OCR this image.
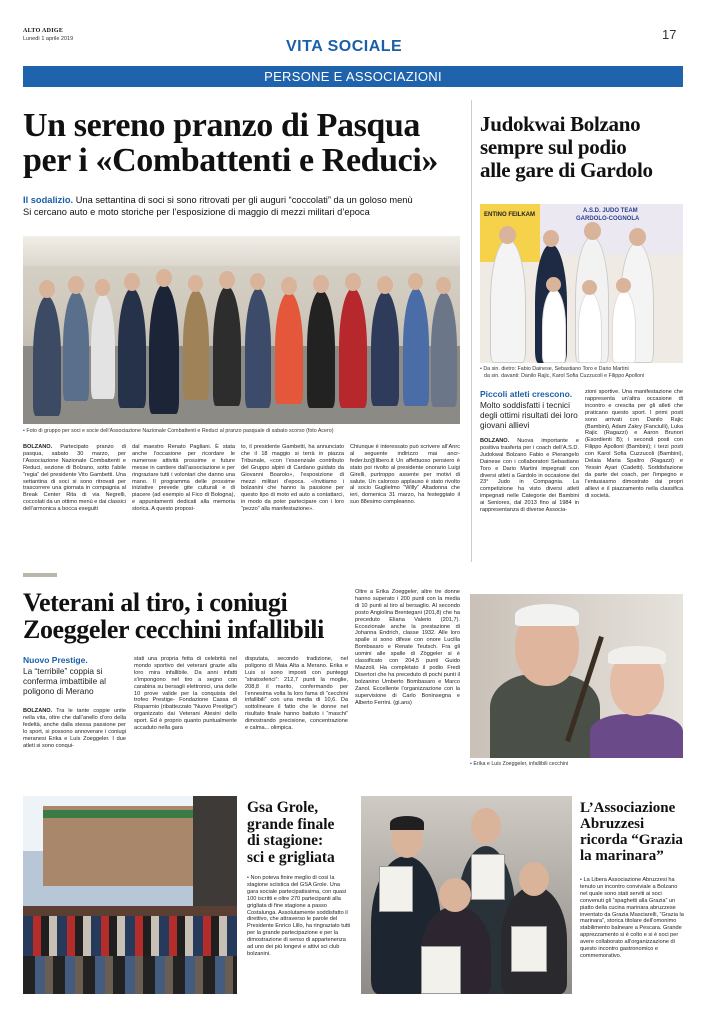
ALTO ADIGE
Lunedì 1 aprile 2019	VITA SOCIALE
17
PERSONE E ASSOCIAZIONI
Un sereno pranzo di Pasqua
per i «Combattenti e Reduci»
Il sodalizio. Una settantina di soci si sono ritrovati per gli auguri “coccolati” da un goloso menù
Si cercano auto e moto storiche per l’esposizione di maggio di mezzi militari d’epoca
▪ Foto di gruppo per soci e socie dell’Associazione Nazionale Combattenti e Reduci al pranzo pasquale di sabato scorso (foto Acero)
BOLZANO. Partecipato pranzo di pasqua, sabato 30 marzo, per l’Associazione Nazionale Combattenti e Reduci, sezione di Bolzano, sotto l’abile “regia” del presidente Vito Gambetti. Una settantina di soci si sono ritrovati per trascorrere una giornata in compagnia al Break Center Rita di via Negrelli, coccolati da un ottimo menù e dai classici dell’armonica a bocca eseguiti
dal maestro Renato Pagliani. È stata anche l’occasione per ricordare le numerose attività prossime e future messe in cantiere dall’associazione e per ringraziare tutti i volontari che danno una mano. Il programma delle prossime iniziative prevede gite culturali e di piacere (ad esempio al Fico di Bologna), e appuntamenti dedicati alla memoria storica. A questo proposi-
to, il presidente Gambetti, ha annunciato che il 18 maggio si terrà in piazza Tribunale, «con l’essenziale contributo del Gruppo alpini di Cardano guidato da Giovanni Boarolo», l’esposizione di mezzi militari d’epoca. «Invitiamo i bolzanini che hanno la passione per questo tipo di moto ed auto a contattarci, in modo da poter partecipare con i loro “pezzo” alla manifestazione».
Chiunque è interessato può scrivere all’Anrc al seguente indirizzo mai ancr-feder.bz@libero.it Un affettuoso pensiero è stato poi rivolto al presidente onorario Luigi Girelli, purtroppo assente per motivi di salute. Un caloroso applauso è stato rivolto al socio Guglielmo “Willy” Altadonna che ieri, domenica 31 marzo, ha festeggiato il suo 88esimo compleanno.
Judokwai Bolzano
sempre sul podio
alle gare di Gardolo
ENTINO FEILKAM
A.S.D. JUDO TEAM
GARDOLO-COGNOLA
▪ Da sin. dietro: Fabio Dainese, Sebastiano Toro e Dario Martini
da sin. davanti: Danilo Rajic, Karol Sofia Cuzzucoli e Filippo Apolloni
Piccoli atleti crescono.
Molto soddisfatti i tecnici degli ottimi risultati dei loro giovani allievi
BOLZANO. Nuova importante e positiva trasferta per i coach dell’A.S.D. Judokwai Bolzano Fabio e Pierangelo Dainese con i collaboratori Sebastiano Toro e Dario Martini impegnati con diversi atleti a Gardolo in occasione del 23° Judo in Compagnia. La competizione ha visto diversi atleti impegnati nelle Categorie dei Bambini ai Seniores, dal 2013 fino al 1984 in rappresentanza di diverse Associa-
zioni sportive. Una manifestazione che rappresenta un’altra occasione di incontro e crescita per gli atleti che praticano questo sport. I primi posti sono arrivati con Danilo Rajic (Bambini), Adam Zakry (Fanciulli), Luka Rajic (Ragazzi) e Aaron Brunori (Esordienti B); i secondi posti con Filippo Apolloni (Bambini); i terzi posti con Karol Sofia Cuzzucoli (Bambini), Delaia Maria Spaltro (Ragazzi) e Yessin Ayari (Cadetti). Soddisfazione da parte dei coach, per l’impegno e l’entusiasmo dimostrato dai propri allievi e il piazzamento nella classifica di società.
Veterani al tiro, i coniugi
Zoeggeler cecchini infallibili
Nuovo Prestige.
La “terribile” coppia si conferma imbattibile al poligono di Merano
BOLZANO. Tra le tante coppie unite nella vita, oltre che dall’anello d’oro della fedeltà, anche dalla stessa passione per lo sport, si possono annoverare i coniugi meranesi Erika e Luis Zoeggeler. I due atleti si sono conqui-
stati una propria fetta di celebrità nel mondo sportivo dei veterani grazie alla loro mira infallibile. Da anni infatti s’impongono nel tiro a segno con carabina su bersagli elettronici, una delle 10 prove valide per la conquista del trofeo Prestige- Fondazione Cassa di Risparmio (ribattezzato “Nuovo Prestige”) organizzato dai Veterani Atesini dello sport. Ed è proprio quanto puntualmente accaduto nella gara
disputata, secondo tradizione, nel poligono di Maia Alta a Merano. Erika e Luis si sono imposti con punteggi “stratosferici”: 212,7 punti la moglie, 208,8 il marito, confermando per l’ennesima volta la loro fama di “cecchini infallibili” con una media di 10,6. Da sottolineare il fatto che le donne nel risultato finale hanno battuto i “maschi” dimostrando precisione, concentrazione e calma... olimpica.
Oltre a Erika Zoeggeler, altre tre donne hanno superato i 200 punti con la media di 10 punti al tiro al bersaglio. Al secondo posto Angiolina Brentegani (201,8) che ha preceduto Eliana Valerio (201,7). Eccezionale anche la prestazione di Johanna Endrich, classe 1932. Alle loro spalle si sono difese con onore Lucilla Bombasaro e Renate Teutsch. Fra gli uomini alle spalle di Zöggeler si è classificato con 204,5 punti Guido Mazzoli. Ha completato il podio Fredi Disertori che ha preceduto di pochi punti il bolzanino Umberto Bombasaro e Marco Zanol. Eccellente l’organizzazione con la supervisione di Carlo Boninsegna e Alberto Ferrini. (gi.ans)
▪ Erika e Luis Zoeggeler, infallibili cecchini
Gsa Grole,
grande finale
di stagione:
sci e grigliata
▪ Non poteva finire meglio di così la stagione sciistica del GSA Grole. Una gara sociale partecipatissima, con quasi 100 iscritti e oltre 270 partecipanti alla grigliata di fine stagione a passo Costalunga. Assolutamente soddisfatto il direttivo, che attraverso le parole del Presidente Enrico Lillo, ha ringraziato tutti per la grande partecipazione e per la dimostrazione di senso di appartenenza ad uno dei più longevi e attivi sci club bolzanini.
L’Associazione
Abruzzesi
ricorda “Grazia
la marinara”
▪ La Libera Associazione Abruzzesi ha tenuto un incontro conviviale a Bolzano nel quale sono stati serviti ai soci convenuti gli “spaghetti alla Grazia” un piatto della cucina marinara abruzzese inventato da Grazia Masciarelli, “Grazia la marinara”, storica titolare dell’omonimo stabilimento balneare a Pescara. Grande apprezzamento si è colto e si è soci per avere collaborato all’organizzazione di questo incontro gastronomico e commemorativo.
